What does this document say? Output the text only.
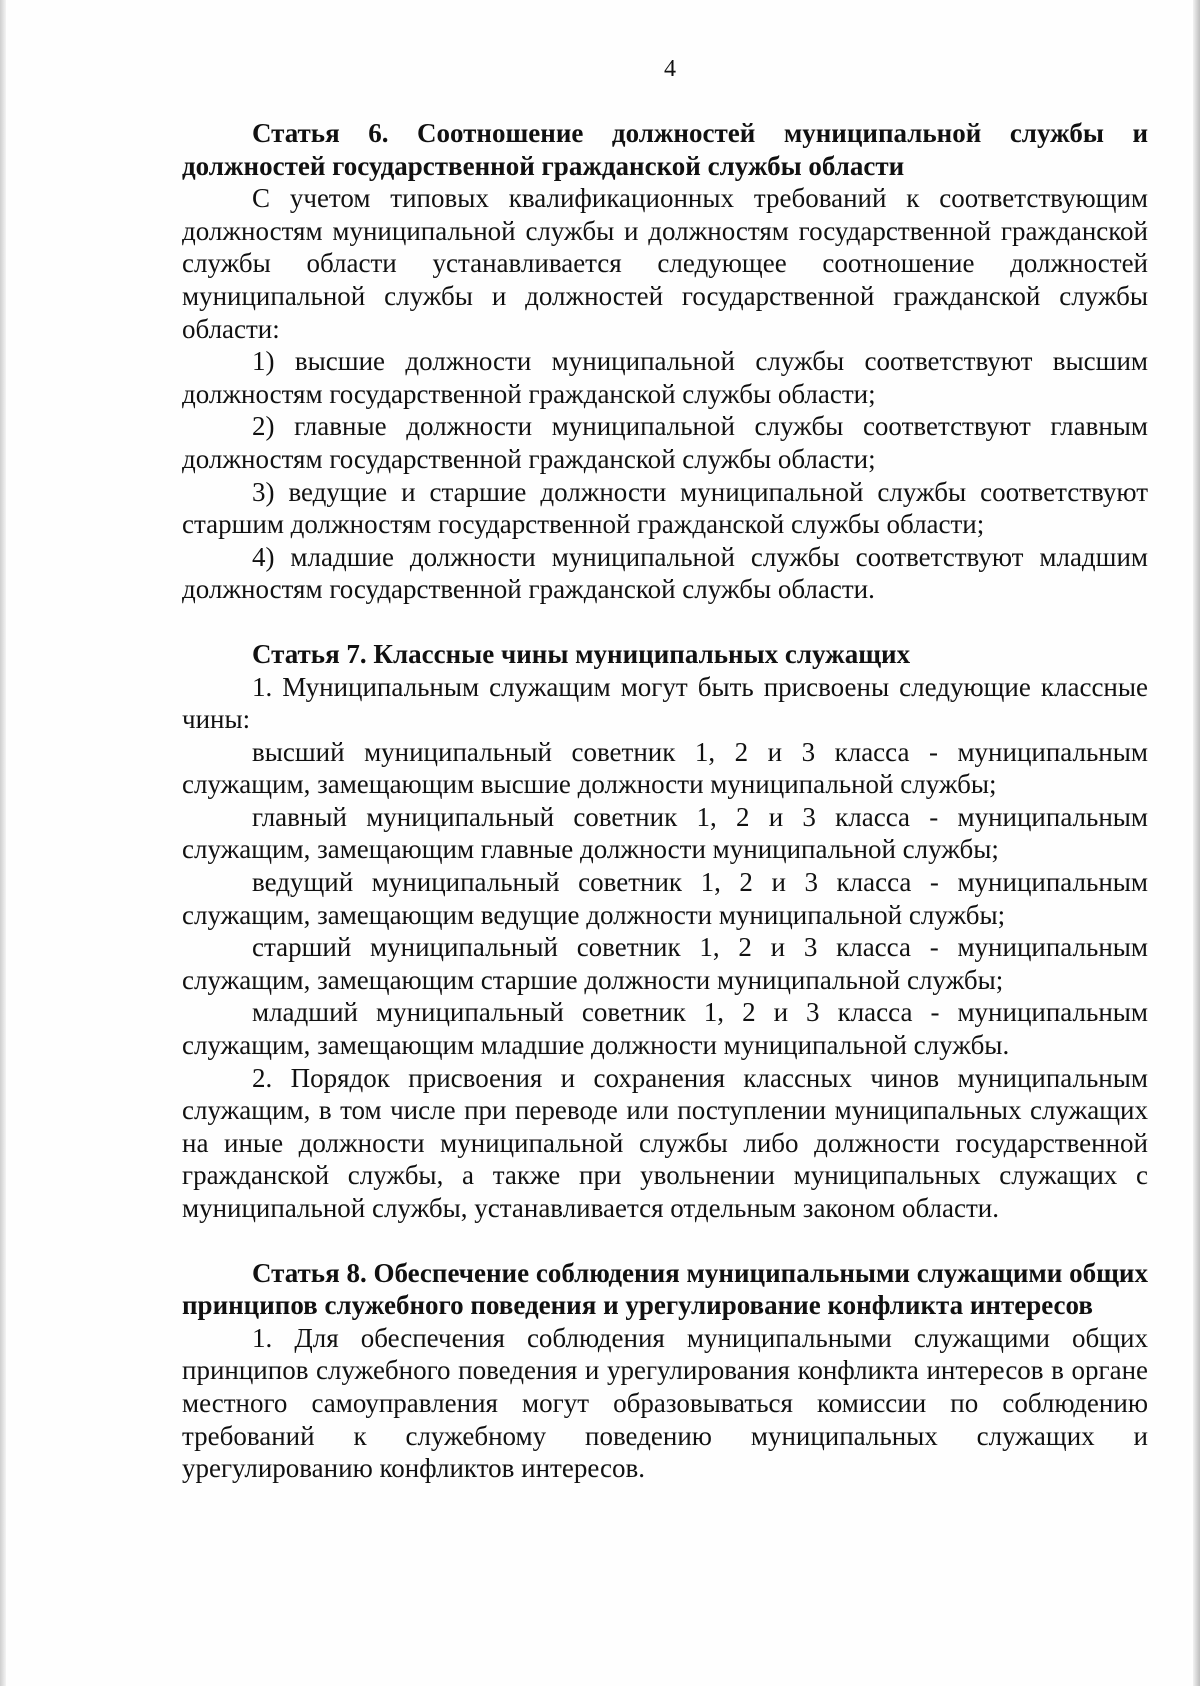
4
Статья 6. Соотношение должностей муниципальной службы и должностей государственной гражданской службы области

С учетом типовых квалификационных требований к соответствующим должностям муниципальной службы и должностям государственной гражданской службы области устанавливается следующее соотношение должностей муниципальной службы и должностей государственной гражданской службы области:

1) высшие должности муниципальной службы соответствуют высшим должностям государственной гражданской службы области;

2) главные должности муниципальной службы соответствуют главным должностям государственной гражданской службы области;

3) ведущие и старшие должности муниципальной службы соответствуют старшим должностям государственной гражданской службы области;

4) младшие должности муниципальной службы соответствуют младшим должностям государственной гражданской службы области.

Статья 7. Классные чины муниципальных служащих

1. Муниципальным служащим могут быть присвоены следующие классные чины:

высший муниципальный советник 1, 2 и 3 класса - муниципальным служащим, замещающим высшие должности муниципальной службы;

главный муниципальный советник 1, 2 и 3 класса - муниципальным служащим, замещающим главные должности муниципальной службы;

ведущий муниципальный советник 1, 2 и 3 класса - муниципальным служащим, замещающим ведущие должности муниципальной службы;

старший муниципальный советник 1, 2 и 3 класса - муниципальным служащим, замещающим старшие должности муниципальной службы;

младший муниципальный советник 1, 2 и 3 класса - муниципальным служащим, замещающим младшие должности муниципальной службы.

2. Порядок присвоения и сохранения классных чинов муниципальным служащим, в том числе при переводе или поступлении муниципальных служащих на иные должности муниципальной службы либо должности государственной гражданской службы, а также при увольнении муниципальных служащих с муниципальной службы, устанавливается отдельным законом области.

Статья 8. Обеспечение соблюдения муниципальными служащими общих принципов служебного поведения и урегулирование конфликта интересов

1. Для обеспечения соблюдения муниципальными служащими общих принципов служебного поведения и урегулирования конфликта интересов в органе местного самоуправления могут образовываться комиссии по соблюдению требований к служебному поведению муниципальных служащих и урегулированию конфликтов интересов.
